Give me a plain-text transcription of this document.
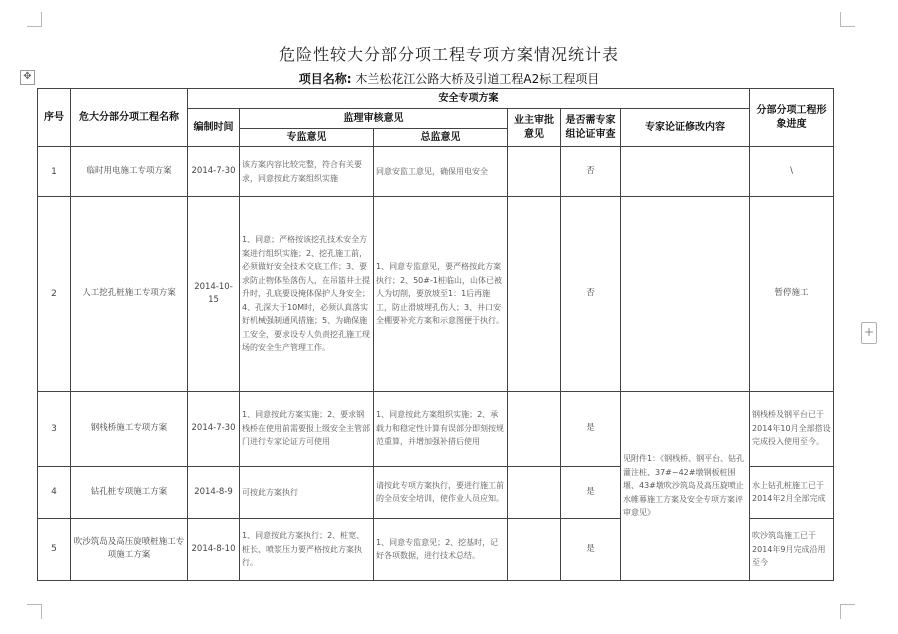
✥
+
危险性较大分部分项工程专项方案情况统计表
项目名称: 木兰松花江公路大桥及引道工程A2标工程项目
序号	危大分部分项工程名称	安全专项方案						分部分项工程形象进度
		编制时间	监理审核意见		业主审批意见	是否需专家组论证审查	专家论证修改内容	
			专监意见	总监意见				
1	临时用电施工专项方案	2014-7-30	该方案内容比较完整，符合有关要求，同意按此方案组织实施	同意安监工意见，确保用电安全		否		\
2	人工挖孔桩施工专项方案	2014-10-15	1、同意；严格按该挖孔技术安全方案进行组织实施；2、挖孔施工前，必须做好安全技术交底工作；3、要求防止物体坠落伤人，在吊篮井土提升时，孔底要设掩体保护人身安全；4、孔深大于10M时，必须认真落实好机械强制通风措施；5、为确保施工安全，要求设专人负责挖孔施工现场的安全生产管理工作。	1、同意专监意见，要严格按此方案执行；2、50#-1桩临山，山体已被人为切削，要放坡至1：1后再施工，防止滑坡埋孔伤人；3、井口安全棚要补充方案和示意图便于执行。		否		暂停施工
3	钢栈桥施工专项方案	2014-7-30	1、同意按此方案实施；2、要求钢栈桥在使用前需要报上级安全主管部门进行专家论证方可使用	1、同意按此方案组织实施；2、承载力和稳定性计算有误部分即刻按规范重算，并增加强补措后使用		是	见附件1：《钢栈桥、钢平台、钻孔灌注桩、37#~42#墩钢板桩围堰、43#墩吹沙筑岛及高压旋喷止水帷幕施工方案及安全专项方案评审意见》	钢栈桥及钢平台已于2014年10月全部搭设完成投入使用至今。
4	钻孔桩专项施工方案	2014-8-9	可按此方案执行	请按此专项方案执行，要进行施工前的全员安全培训，使作业人员应知。		是		水上钻孔桩施工已于2014年2月全部完成
5	吹沙筑岛及高压旋喷桩施工专项施工方案	2014-8-10	1、同意按此方案执行；2、桩宽、桩长、喷浆压力要严格按此方案执行。	1、同意专监意见；2、挖基时，记好各项数据，进行技术总结。		是		吹沙筑岛施工已于2014年9月完成沿用至今
